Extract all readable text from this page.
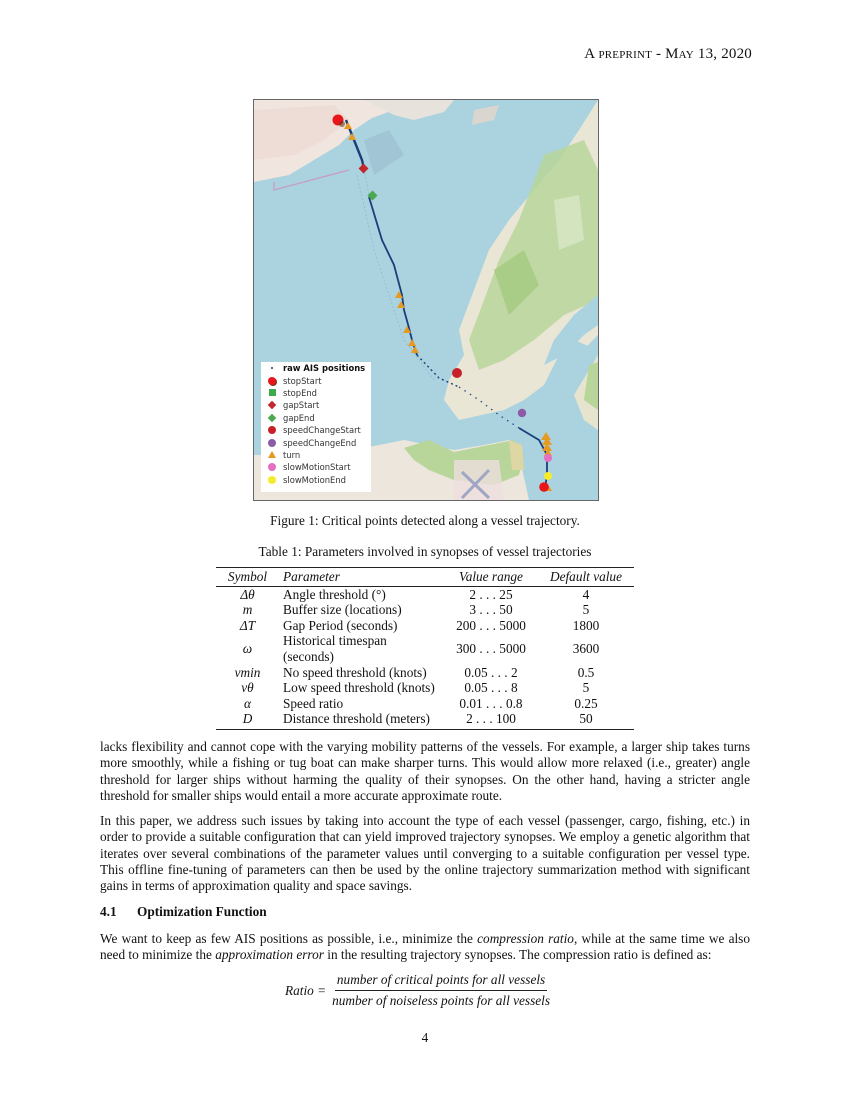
A preprint - May 13, 2020
raw AIS positions
stopStart
stopEnd
gapStart
gapEnd
speedChangeStart
speedChangeEnd
turn
slowMotionStart
slowMotionEnd
Figure 1: Critical points detected along a vessel trajectory.
Table 1: Parameters involved in synopses of vessel trajectories
Symbol	Parameter	Value range	Default value
Δθ	Angle threshold (°)	2 . . . 25	4
m	Buffer size (locations)	3 . . . 50	5
ΔT	Gap Period (seconds)	200 . . . 5000	1800
ω	Historical timespan (seconds)	300 . . . 5000	3600
vmin	No speed threshold (knots)	0.05 . . . 2	0.5
vθ	Low speed threshold (knots)	0.05 . . . 8	5
α	Speed ratio	0.01 . . . 0.8	0.25
D	Distance threshold (meters)	2 . . . 100	50

lacks flexibility and cannot cope with the varying mobility patterns of the vessels. For example, a larger ship takes turns more smoothly, while a fishing or tug boat can make sharper turns. This would allow more relaxed (i.e., greater) angle threshold for larger ships without harming the quality of their synopses. On the other hand, having a stricter angle threshold for smaller ships would entail a more accurate approximate route.

In this paper, we address such issues by taking into account the type of each vessel (passenger, cargo, fishing, etc.) in order to provide a suitable configuration that can yield improved trajectory synopses. We employ a genetic algorithm that iterates over several combinations of the parameter values until converging to a suitable configuration per vessel type. This offline fine-tuning of parameters can then be used by the online trajectory summarization method with significant gains in terms of approximation quality and space savings.

4.1 Optimization Function

We want to keep as few AIS positions as possible, i.e., minimize the compression ratio, while at the same time we also need to minimize the approximation error in the resulting trajectory synopses. The compression ratio is defined as:

Ratio = $\frac{\text{number of critical points for all vessels}}{\text{number of noiseless points for all vessels}}$
4
